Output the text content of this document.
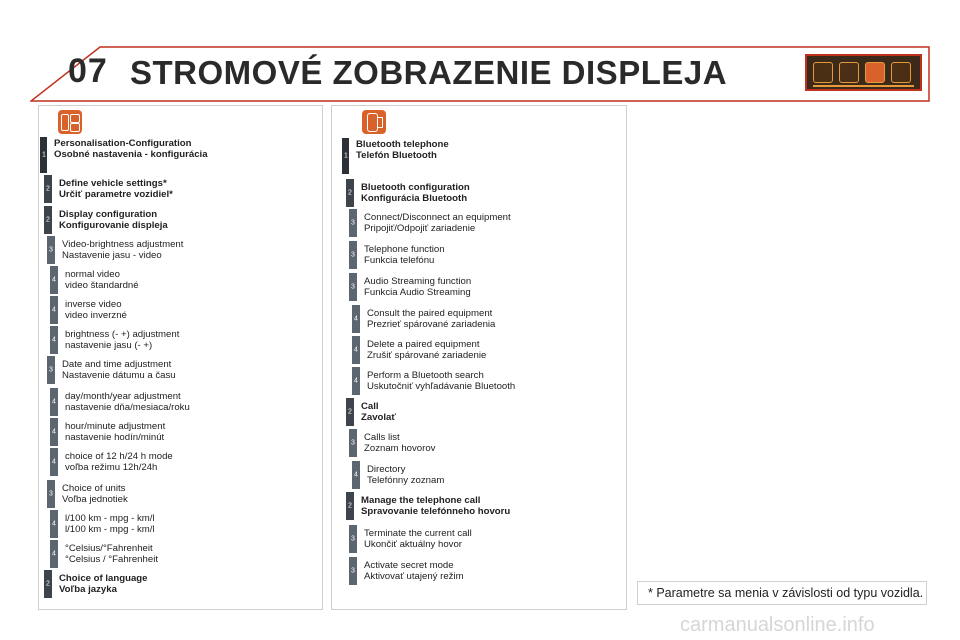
07 STROMOVÉ ZOBRAZENIE DISPLEJA
1
Personalisation-Configuration
Osobné nastavenia - konfigurácia
2 Define vehicle settings*
Určiť parametre vozidiel*
2 Display configuration
Konfigurovanie displeja
3 Video-brightness adjustment
Nastavenie jasu - video
4 normal video
video štandardné
4 inverse video
video inverzné
4 brightness (- +) adjustment
nastavenie jasu (- +)
3 Date and time adjustment
Nastavenie dátumu a času
4 day/month/year adjustment
nastavenie dňa/mesiaca/roku
4 hour/minute adjustment
nastavenie hodín/minút
4 choice of 12 h/24 h mode
voľba režimu 12h/24h
3 Choice of units
Voľba jednotiek
4 l/100 km - mpg - km/l
l/100 km - mpg - km/l
4 °Celsius/°Fahrenheit
°Celsius / °Fahrenheit
2 Choice of language
Voľba jazyka
1
Bluetooth telephone
Telefón Bluetooth
2 Bluetooth configuration
Konfigurácia Bluetooth
3 Connect/Disconnect an equipment
Pripojiť/Odpojiť zariadenie
3 Telephone function
Funkcia telefónu
3 Audio Streaming function
Funkcia Audio Streaming
4 Consult the paired equipment
Prezrieť spárované zariadenia
4 Delete a paired equipment
Zrušiť spárované zariadenie
4 Perform a Bluetooth search
Uskutočniť vyhľadávanie Bluetooth
2 Call
Zavolať
3 Calls list
Zoznam hovorov
4 Directory
Telefónny zoznam
2 Manage the telephone call
Spravovanie telefónneho hovoru
3 Terminate the current call
Ukončiť aktuálny hovor
3 Activate secret mode
Aktivovať utajený režim
* Parametre sa menia v závislosti od typu vozidla.
carmanualsonline.info
